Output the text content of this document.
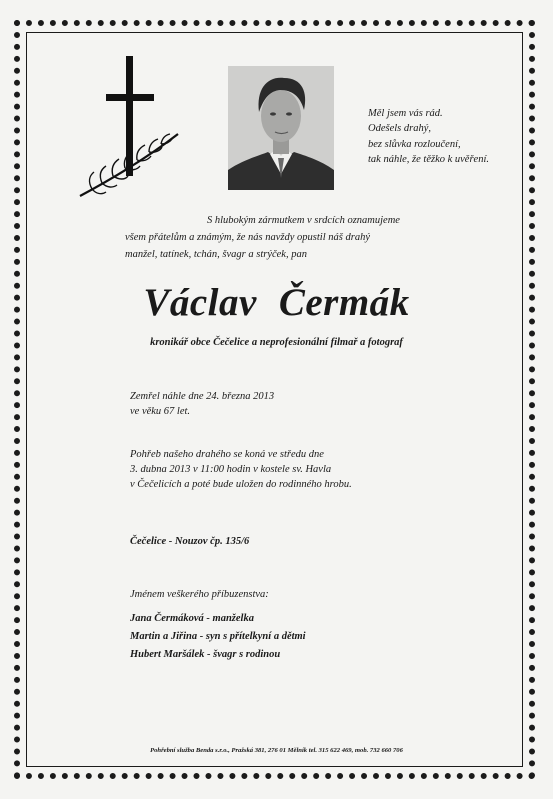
Měl jsem vás rád.
Odešels drahý,
bez slůvka rozloučení,
tak náhle, že těžko k uvěření.
S hlubokým zármutkem v srdcích oznamujeme
všem přátelům a známým, že nás navždy opustil náš drahý
manžel, tatínek, tchán, švagr a strýček, pan
Václav Čermák
kronikář obce Čečelice a neprofesionální filmař a fotograf
Zemřel náhle dne 24. března 2013
ve věku 67 let.
Pohřeb našeho drahého se koná ve středu dne
3. dubna 2013 v 11:00 hodin v kostele sv. Havla
v Čečelicích a poté bude uložen do rodinného hrobu.
Čečelice - Nouzov čp. 135/6
Jménem veškerého příbuzenstva:
Jana Čermáková - manželka
Martin a Jiřina - syn s přítelkyní a dětmi
Hubert Maršálek - švagr s rodinou
Pohřební služba Benda s.r.o., Pražská 381, 276 01 Mělník tel. 315 622 469, mob. 732 660 706
